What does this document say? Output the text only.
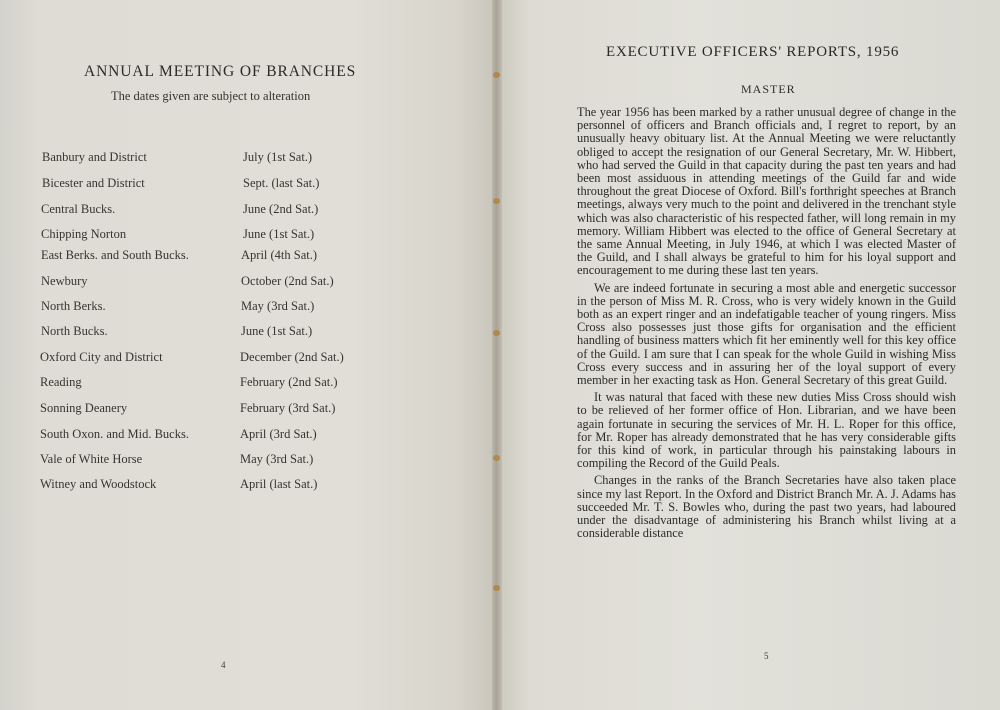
ANNUAL MEETING OF BRANCHES
The dates given are subject to alteration
Banbury and District	July (1st Sat.)
Bicester and District	Sept. (last Sat.)
Central Bucks.	June (2nd Sat.)
Chipping Norton	June (1st Sat.)
East Berks. and South Bucks.	April (4th Sat.)
Newbury	October (2nd Sat.)
North Berks.	May (3rd Sat.)
North Bucks.	June (1st Sat.)
Oxford City and District	December (2nd Sat.)
Reading	February (2nd Sat.)
Sonning Deanery	February (3rd Sat.)
South Oxon. and Mid. Bucks.	April (3rd Sat.)
Vale of White Horse	May (3rd Sat.)
Witney and Woodstock	April (last Sat.)
4
EXECUTIVE OFFICERS' REPORTS, 1956
MASTER

The year 1956 has been marked by a rather unusual degree of change in the personnel of officers and Branch officials and, I regret to report, by an unusually heavy obituary list. At the Annual Meeting we were reluctantly obliged to accept the resignation of our General Secretary, Mr. W. Hibbert, who had served the Guild in that capacity during the past ten years and had been most assiduous in attending meetings of the Guild far and wide throughout the great Diocese of Oxford. Bill's forthright speeches at Branch meetings, always very much to the point and delivered in the trenchant style which was also characteristic of his respected father, will long remain in my memory. William Hibbert was elected to the office of General Secretary at the same Annual Meeting, in July 1946, at which I was elected Master of the Guild, and I shall always be grateful to him for his loyal support and encouragement to me during these last ten years.

We are indeed fortunate in securing a most able and energetic successor in the person of Miss M. R. Cross, who is very widely known in the Guild both as an expert ringer and an indefatigable teacher of young ringers. Miss Cross also possesses just those gifts for organisation and the efficient handling of business matters which fit her eminently well for this key office of the Guild. I am sure that I can speak for the whole Guild in wishing Miss Cross every success and in assuring her of the loyal support of every member in her exacting task as Hon. General Secretary of this great Guild.

It was natural that faced with these new duties Miss Cross should wish to be relieved of her former office of Hon. Librarian, and we have been again fortunate in securing the services of Mr. H. L. Roper for this office, for Mr. Roper has already demonstrated that he has very considerable gifts for this kind of work, in particular through his painstaking labours in compiling the Record of the Guild Peals.

Changes in the ranks of the Branch Secretaries have also taken place since my last Report. In the Oxford and District Branch Mr. A. J. Adams has succeeded Mr. T. S. Bowles who, during the past two years, had laboured under the disadvantage of administering his Branch whilst living at a considerable distance

5
